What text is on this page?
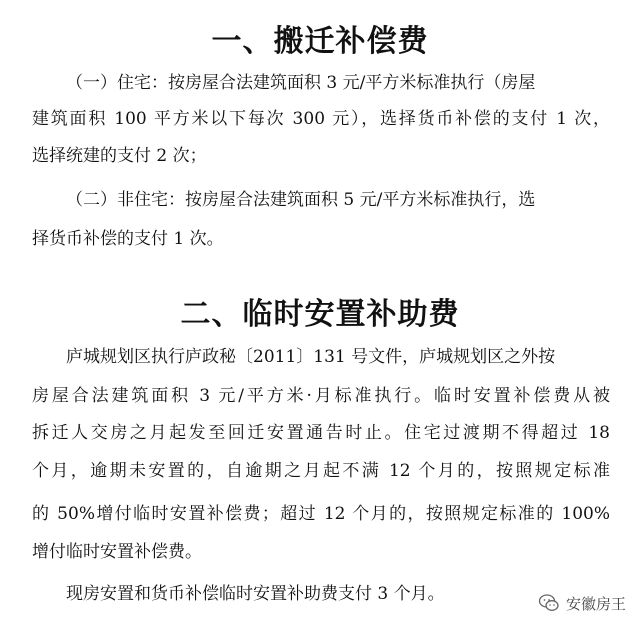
一、搬迁补偿费
（一）住宅：按房屋合法建筑面积 3 元/平方米标准执行（房屋
建筑面积 100 平方米以下每次 300 元），选择货币补偿的支付 1 次，
选择统建的支付 2 次；
（二）非住宅：按房屋合法建筑面积 5 元/平方米标准执行，选
择货币补偿的支付 1 次。
二、临时安置补助费
庐城规划区执行庐政秘〔2011〕131 号文件，庐城规划区之外按
房屋合法建筑面积 3 元/平方米·月标准执行。临时安置补偿费从被
拆迁人交房之月起发至回迁安置通告时止。住宅过渡期不得超过 18
个月，逾期未安置的，自逾期之月起不满 12 个月的，按照规定标准
的 50%增付临时安置补偿费；超过 12 个月的，按照规定标准的 100%
增付临时安置补偿费。
现房安置和货币补偿临时安置补助费支付 3 个月。	安徽房王
